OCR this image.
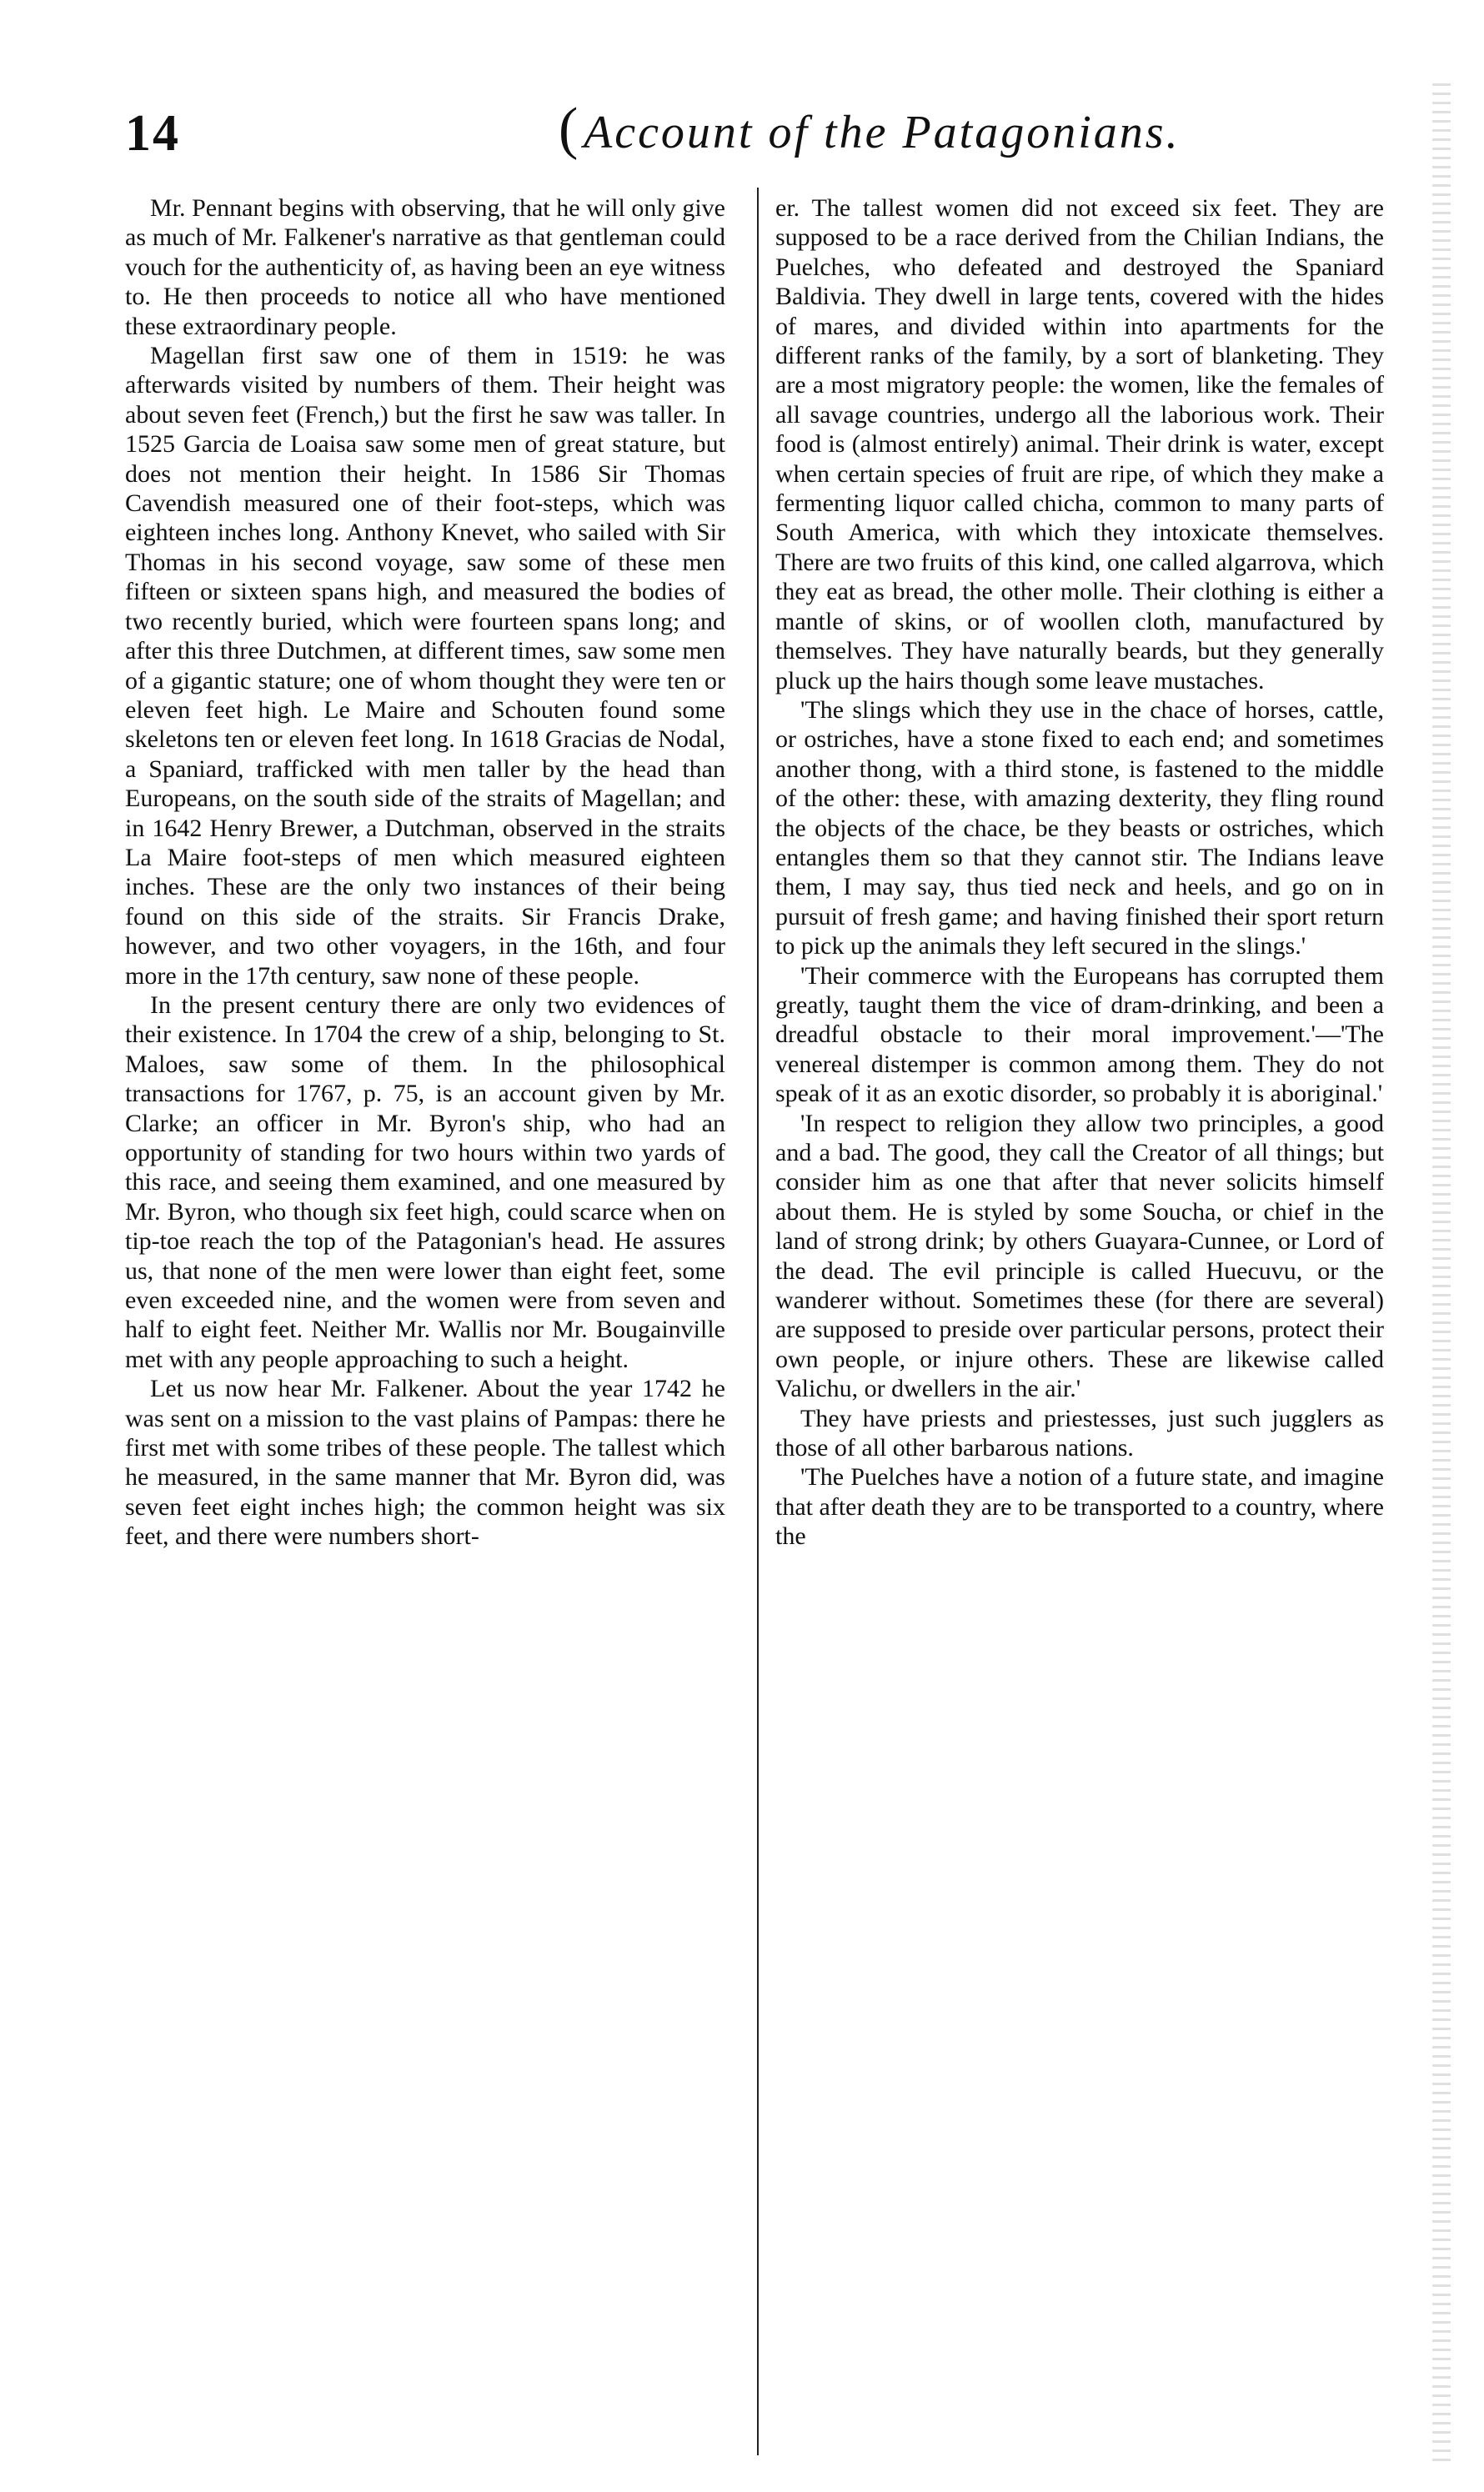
14	( Account of the Patagonians.

Mr. Pennant begins with observing, that he will only give as much of Mr. Falkener's narrative as that gentleman could vouch for the authenticity of, as having been an eye witness to. He then proceeds to notice all who have mentioned these extraordinary people.

Magellan first saw one of them in 1519: he was afterwards visited by numbers of them. Their height was about seven feet (French,) but the first he saw was taller. In 1525 Garcia de Loaisa saw some men of great stature, but does not mention their height. In 1586 Sir Thomas Cavendish measured one of their foot-steps, which was eighteen inches long. Anthony Knevet, who sailed with Sir Thomas in his second voyage, saw some of these men fifteen or sixteen spans high, and measured the bodies of two recently buried, which were fourteen spans long; and after this three Dutchmen, at different times, saw some men of a gigantic stature; one of whom thought they were ten or eleven feet high. Le Maire and Schouten found some skeletons ten or eleven feet long. In 1618 Gracias de Nodal, a Spaniard, trafficked with men taller by the head than Europeans, on the south side of the straits of Magellan; and in 1642 Henry Brewer, a Dutchman, observed in the straits La Maire foot-steps of men which measured eighteen inches. These are the only two instances of their being found on this side of the straits. Sir Francis Drake, however, and two other voyagers, in the 16th, and four more in the 17th century, saw none of these people.

In the present century there are only two evidences of their existence. In 1704 the crew of a ship, belonging to St. Maloes, saw some of them. In the philosophical transactions for 1767, p. 75, is an account given by Mr. Clarke; an officer in Mr. Byron's ship, who had an opportunity of standing for two hours within two yards of this race, and seeing them examined, and one measured by Mr. Byron, who though six feet high, could scarce when on tip-toe reach the top of the Patagonian's head. He assures us, that none of the men were lower than eight feet, some even exceeded nine, and the women were from seven and half to eight feet. Neither Mr. Wallis nor Mr. Bougainville met with any people approaching to such a height.

Let us now hear Mr. Falkener. About the year 1742 he was sent on a mission to the vast plains of Pampas: there he first met with some tribes of these people. The tallest which he measured, in the same manner that Mr. Byron did, was seven feet eight inches high; the common height was six feet, and there were numbers short-

er. The tallest women did not exceed six feet. They are supposed to be a race derived from the Chilian Indians, the Puelches, who defeated and destroyed the Spaniard Baldivia. They dwell in large tents, covered with the hides of mares, and divided within into apartments for the different ranks of the family, by a sort of blanketing. They are a most migratory people: the women, like the females of all savage countries, undergo all the laborious work. Their food is (almost entirely) animal. Their drink is water, except when certain species of fruit are ripe, of which they make a fermenting liquor called chicha, common to many parts of South America, with which they intoxicate themselves. There are two fruits of this kind, one called algarrova, which they eat as bread, the other molle. Their clothing is either a mantle of skins, or of woollen cloth, manufactured by themselves. They have naturally beards, but they generally pluck up the hairs though some leave mustaches.

'The slings which they use in the chace of horses, cattle, or ostriches, have a stone fixed to each end; and sometimes another thong, with a third stone, is fastened to the middle of the other: these, with amazing dexterity, they fling round the objects of the chace, be they beasts or ostriches, which entangles them so that they cannot stir. The Indians leave them, I may say, thus tied neck and heels, and go on in pursuit of fresh game; and having finished their sport return to pick up the animals they left secured in the slings.'

'Their commerce with the Europeans has corrupted them greatly, taught them the vice of dram-drinking, and been a dreadful obstacle to their moral improvement.'—'The venereal distemper is common among them. They do not speak of it as an exotic disorder, so probably it is aboriginal.'

'In respect to religion they allow two principles, a good and a bad. The good, they call the Creator of all things; but consider him as one that after that never solicits himself about them. He is styled by some Soucha, or chief in the land of strong drink; by others Guayara-Cunnee, or Lord of the dead. The evil principle is called Huecuvu, or the wanderer without. Sometimes these (for there are several) are supposed to preside over particular persons, protect their own people, or injure others. These are likewise called Valichu, or dwellers in the air.'

They have priests and priestesses, just such jugglers as those of all other barbarous nations.

'The Puelches have a notion of a future state, and imagine that after death they are to be transported to a country, where the
